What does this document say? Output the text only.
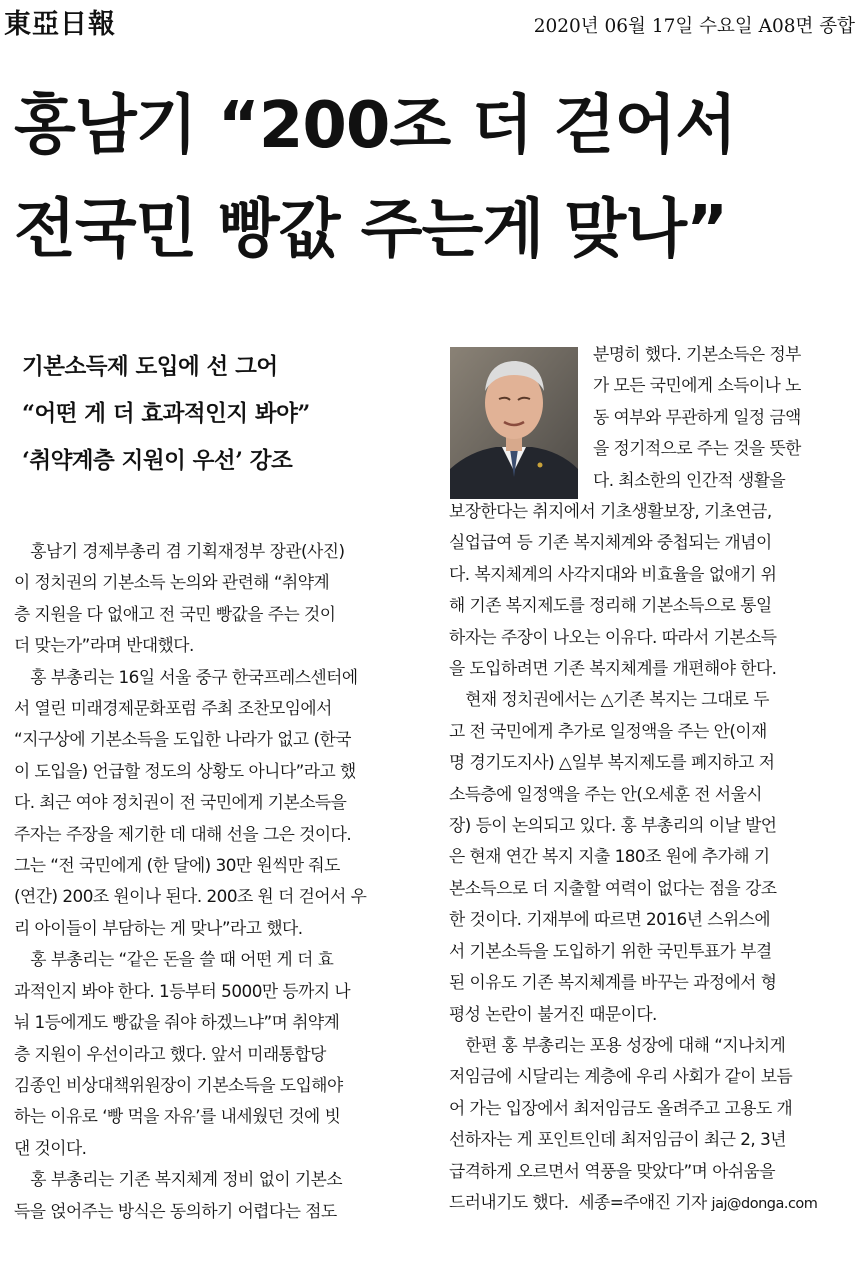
東亞日報	2020년 06월 17일 수요일 A08면 종합
홍남기 “200조 더 걷어서
전국민 빵값 주는게 맞나”
기본소득제 도입에 선 그어
“어떤 게 더 효과적인지 봐야”
‘취약계층 지원이 우선’ 강조
　홍남기 경제부총리 겸 기획재정부 장관(사진)
이 정치권의 기본소득 논의와 관련해 “취약계
층 지원을 다 없애고 전 국민 빵값을 주는 것이
더 맞는가”라며 반대했다.
　홍 부총리는 16일 서울 중구 한국프레스센터에
서 열린 미래경제문화포럼 주최 조찬모임에서
“지구상에 기본소득을 도입한 나라가 없고 (한국
이 도입을) 언급할 정도의 상황도 아니다”라고 했
다. 최근 여야 정치권이 전 국민에게 기본소득을
주자는 주장을 제기한 데 대해 선을 그은 것이다.
그는 “전 국민에게 (한 달에) 30만 원씩만 줘도
(연간) 200조 원이나 된다. 200조 원 더 걷어서 우
리 아이들이 부담하는 게 맞나”라고 했다.
　홍 부총리는 “같은 돈을 쓸 때 어떤 게 더 효
과적인지 봐야 한다. 1등부터 5000만 등까지 나
눠 1등에게도 빵값을 줘야 하겠느냐”며 취약계
층 지원이 우선이라고 했다. 앞서 미래통합당
김종인 비상대책위원장이 기본소득을 도입해야
하는 이유로 ‘빵 먹을 자유’를 내세웠던 것에 빗
댄 것이다.
　홍 부총리는 기존 복지체계 정비 없이 기본소
득을 얹어주는 방식은 동의하기 어렵다는 점도
분명히 했다. 기본소득은 정부
가 모든 국민에게 소득이나 노
동 여부와 무관하게 일정 금액
을 정기적으로 주는 것을 뜻한
다. 최소한의 인간적 생활을
보장한다는 취지에서 기초생활보장, 기초연금,
실업급여 등 기존 복지체계와 중첩되는 개념이
다. 복지체계의 사각지대와 비효율을 없애기 위
해 기존 복지제도를 정리해 기본소득으로 통일
하자는 주장이 나오는 이유다. 따라서 기본소득
을 도입하려면 기존 복지체계를 개편해야 한다.
　현재 정치권에서는 △기존 복지는 그대로 두
고 전 국민에게 추가로 일정액을 주는 안(이재
명 경기도지사) △일부 복지제도를 폐지하고 저
소득층에 일정액을 주는 안(오세훈 전 서울시
장) 등이 논의되고 있다. 홍 부총리의 이날 발언
은 현재 연간 복지 지출 180조 원에 추가해 기
본소득으로 더 지출할 여력이 없다는 점을 강조
한 것이다. 기재부에 따르면 2016년 스위스에
서 기본소득을 도입하기 위한 국민투표가 부결
된 이유도 기존 복지체계를 바꾸는 과정에서 형
평성 논란이 불거진 때문이다.
　한편 홍 부총리는 포용 성장에 대해 “지나치게
저임금에 시달리는 계층에 우리 사회가 같이 보듬
어 가는 입장에서 최저임금도 올려주고 고용도 개
선하자는 게 포인트인데 최저임금이 최근 2, 3년
급격하게 오르면서 역풍을 맞았다”며 아쉬움을
드러내기도 했다. 세종=주애진 기자 jaj@donga.com
